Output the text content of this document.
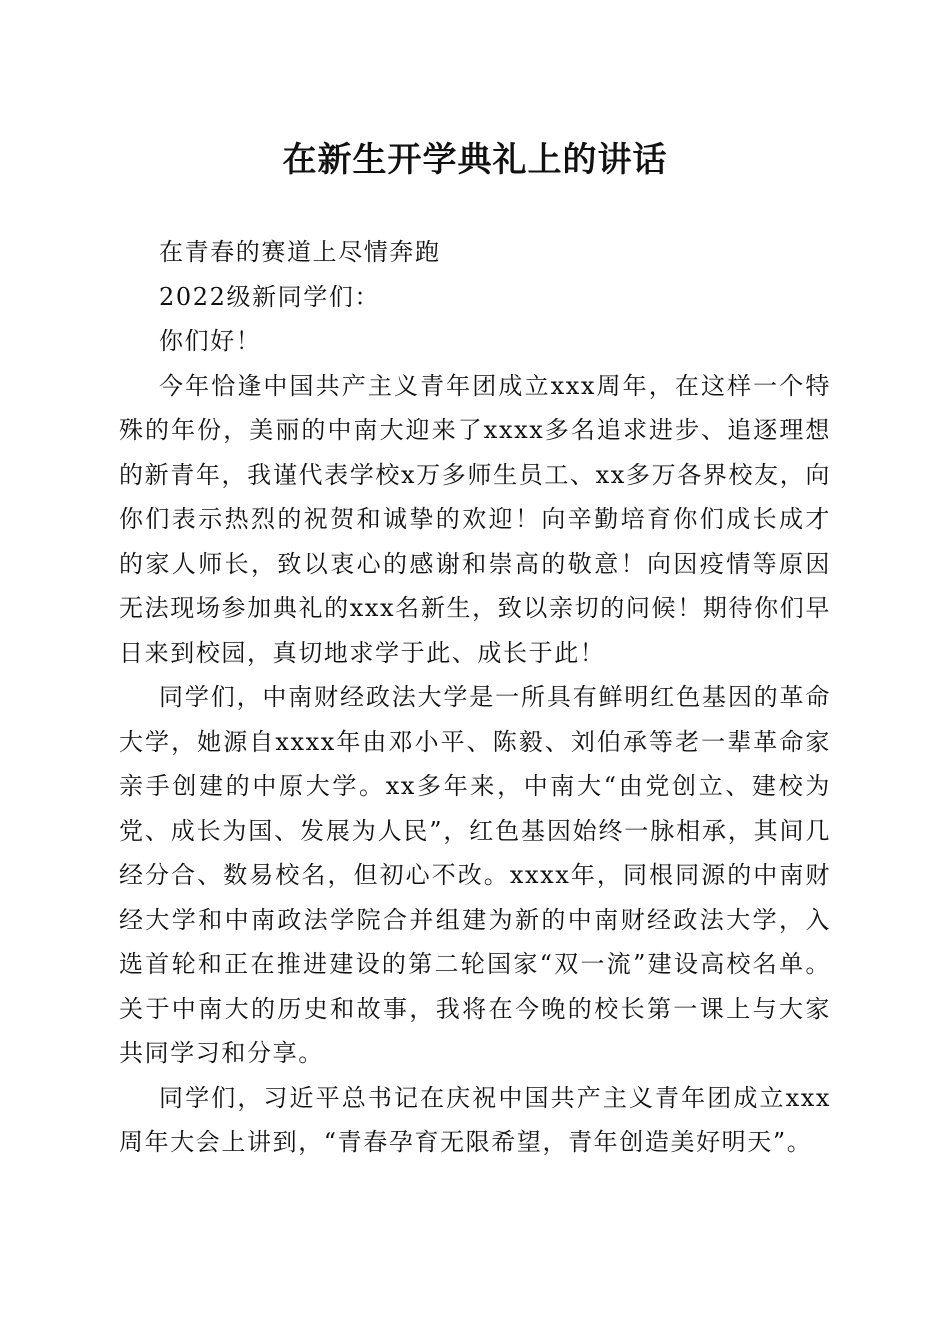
在新生开学典礼上的讲话

在青春的赛道上尽情奔跑

2022级新同学们：

你们好！

今年恰逢中国共产主义青年团成立xxx周年，在这样一个特殊的年份，美丽的中南大迎来了xxxx多名追求进步、追逐理想的新青年，我谨代表学校x万多师生员工、xx多万各界校友，向你们表示热烈的祝贺和诚挚的欢迎！向辛勤培育你们成长成才的家人师长，致以衷心的感谢和崇高的敬意！向因疫情等原因无法现场参加典礼的xxx名新生，致以亲切的问候！期待你们早日来到校园，真切地求学于此、成长于此！

同学们，中南财经政法大学是一所具有鲜明红色基因的革命大学，她源自xxxx年由邓小平、陈毅、刘伯承等老一辈革命家亲手创建的中原大学。xx多年来，中南大“由党创立、建校为党、成长为国、发展为人民”，红色基因始终一脉相承，其间几经分合、数易校名，但初心不改。xxxx年，同根同源的中南财经大学和中南政法学院合并组建为新的中南财经政法大学，入选首轮和正在推进建设的第二轮国家“双一流”建设高校名单。关于中南大的历史和故事，我将在今晚的校长第一课上与大家共同学习和分享。

同学们，习近平总书记在庆祝中国共产主义青年团成立xxx周年大会上讲到，“青春孕育无限希望，青年创造美好明天”。
